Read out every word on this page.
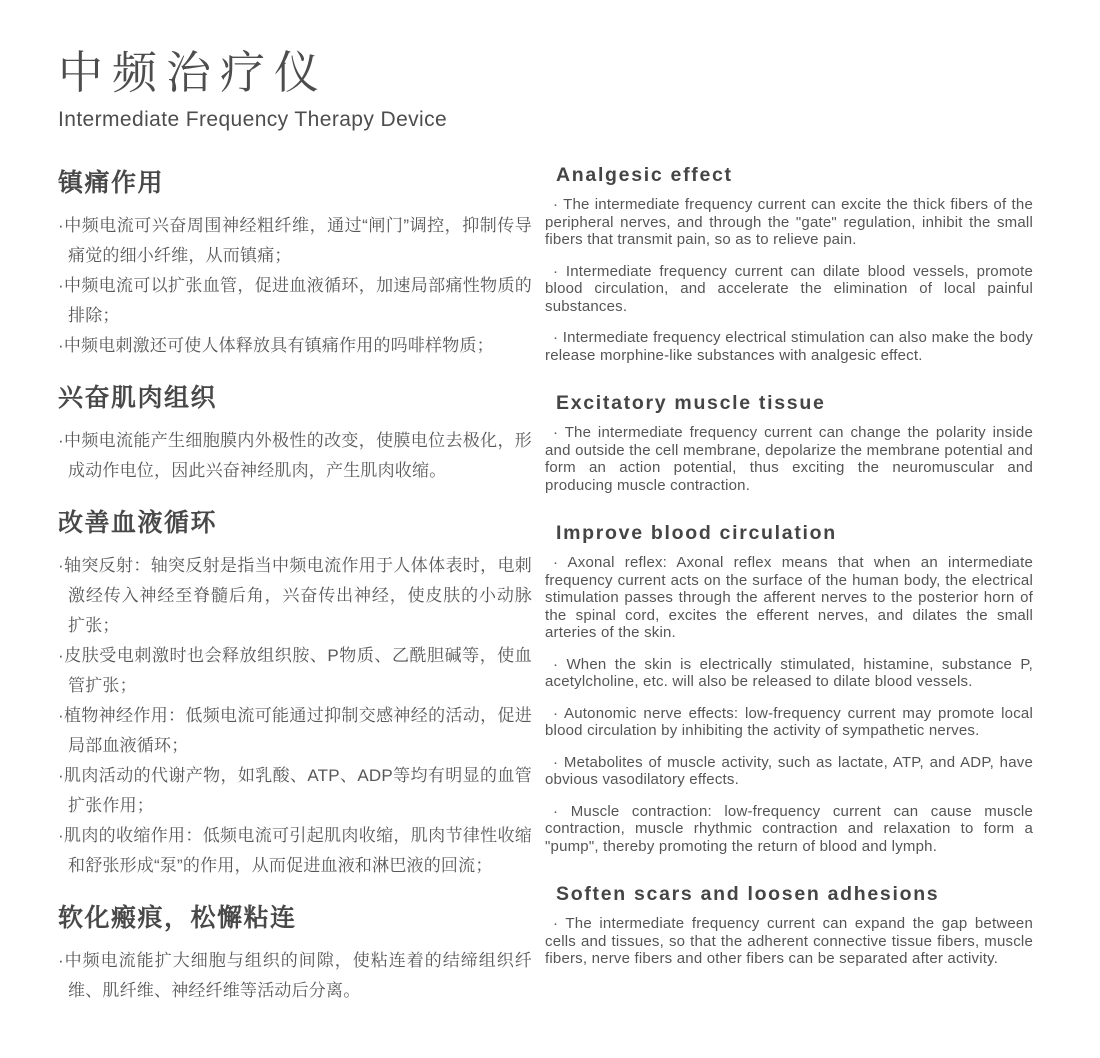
中频治疗仪
Intermediate Frequency Therapy Device
镇痛作用

·中频电流可兴奋周围神经粗纤维，通过“闸门”调控，抑制传导痛觉的细小纤维，从而镇痛；

·中频电流可以扩张血管，促进血液循环，加速局部痛性物质的排除；

·中频电刺激还可使人体释放具有镇痛作用的吗啡样物质；

兴奋肌肉组织

·中频电流能产生细胞膜内外极性的改变，使膜电位去极化，形成动作电位，因此兴奋神经肌肉，产生肌肉收缩。

改善血液循环

·轴突反射：轴突反射是指当中频电流作用于人体体表时，电刺激经传入神经至脊髓后角，兴奋传出神经，使皮肤的小动脉扩张；

·皮肤受电刺激时也会释放组织胺、P物质、乙酰胆碱等，使血管扩张；

·植物神经作用：低频电流可能通过抑制交感神经的活动，促进局部血液循环；

·肌肉活动的代谢产物，如乳酸、ATP、ADP等均有明显的血管扩张作用；

·肌肉的收缩作用：低频电流可引起肌肉收缩，肌肉节律性收缩和舒张形成“泵”的作用，从而促进血液和淋巴液的回流；

软化瘢痕，松懈粘连

·中频电流能扩大细胞与组织的间隙，使粘连着的结缔组织纤维、肌纤维、神经纤维等活动后分离。

Analgesic effect

· The intermediate frequency current can excite the thick fibers of the peripheral nerves, and through the "gate" regulation, inhibit the small fibers that transmit pain, so as to relieve pain.

· Intermediate frequency current can dilate blood vessels, promote blood circulation, and accelerate the elimination of local painful substances.

· Intermediate frequency electrical stimulation can also make the body release morphine-like substances with analgesic effect.

Excitatory muscle tissue

· The intermediate frequency current can change the polarity inside and outside the cell membrane, depolarize the membrane potential and form an action potential, thus exciting the neuromuscular and producing muscle contraction.

Improve blood circulation

· Axonal reflex: Axonal reflex means that when an intermediate frequency current acts on the surface of the human body, the electrical stimulation passes through the afferent nerves to the posterior horn of the spinal cord, excites the efferent nerves, and dilates the small arteries of the skin.

· When the skin is electrically stimulated, histamine, substance P, acetylcholine, etc. will also be released to dilate blood vessels.

· Autonomic nerve effects: low-frequency current may promote local blood circulation by inhibiting the activity of sympathetic nerves.

· Metabolites of muscle activity, such as lactate, ATP, and ADP, have obvious vasodilatory effects.

· Muscle contraction: low-frequency current can cause muscle contraction, muscle rhythmic contraction and relaxation to form a "pump", thereby promoting the return of blood and lymph.

Soften scars and loosen adhesions

· The intermediate frequency current can expand the gap between cells and tissues, so that the adherent connective tissue fibers, muscle fibers, nerve fibers and other fibers can be separated after activity.
